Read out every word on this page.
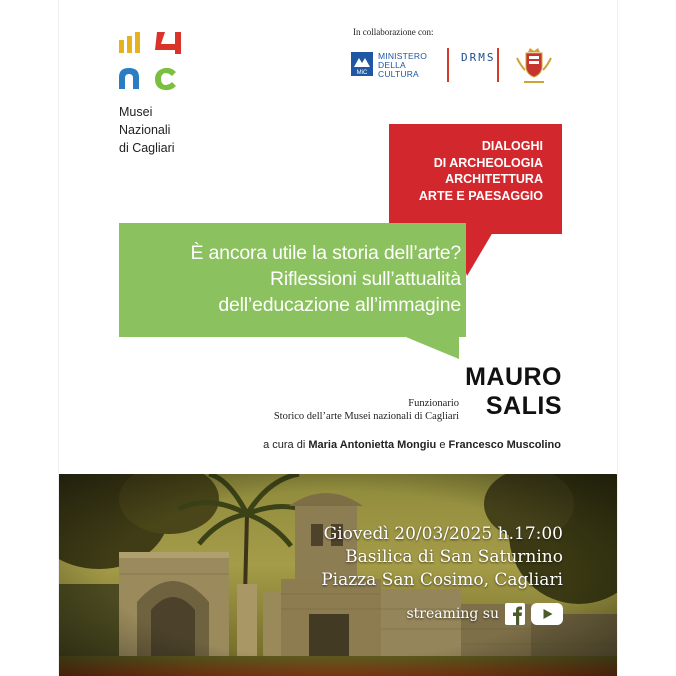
Musei
Nazionali
di Cagliari
In collaborazione con:
MiC
MINISTERO
DELLA
CULTURA
DRMS
DIALOGHI
DI ARCHEOLOGIA
ARCHITETTURA
ARTE E PAESAGGIO
È ancora utile la storia dell’arte?
Riflessioni sull’attualità
dell’educazione all’immagine
MAURO
SALIS
Funzionario
Storico dell’arte Musei nazionali di Cagliari
a cura di Maria Antonietta Mongiu e Francesco Muscolino
Giovedì 20/03/2025 h.17:00
Basilica di San Saturnino
Piazza San Cosimo, Cagliari
streaming su
